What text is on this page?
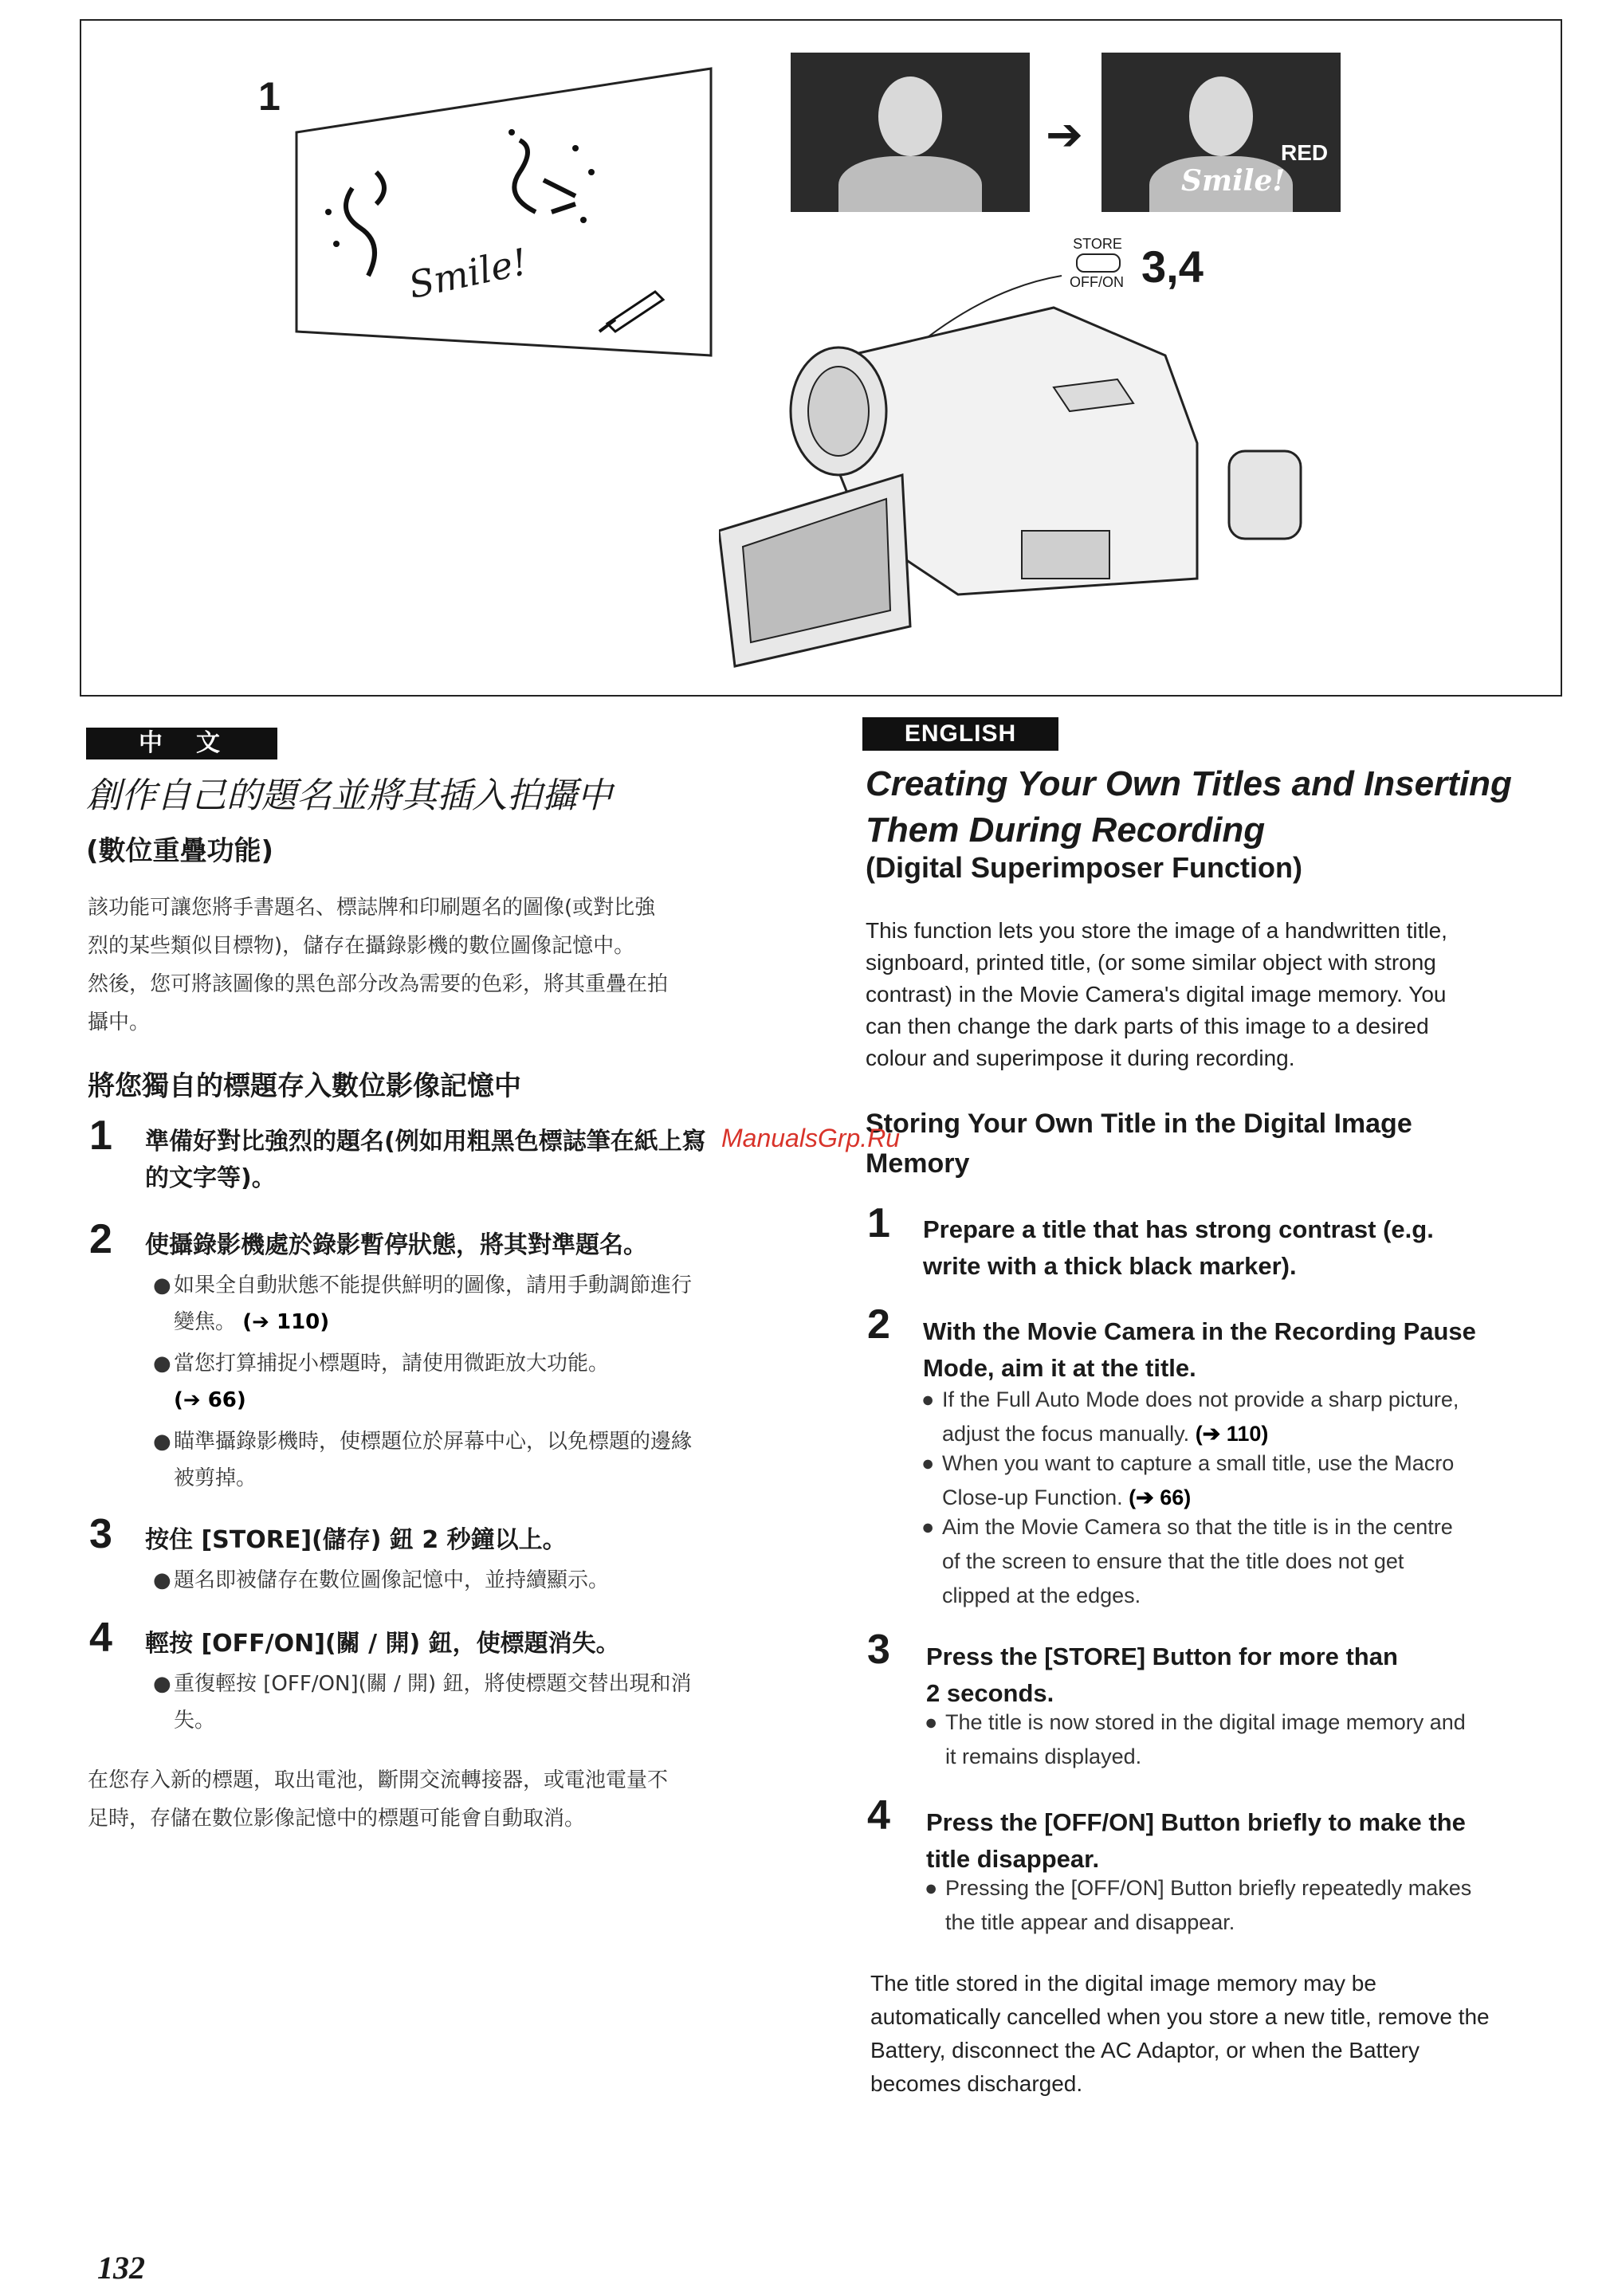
1
Smile!
➔
Smile!
RED
STORE
OFF/ON 3,4
中　文
創作自己的題名並將其插入拍攝中
(數位重疊功能)
該功能可讓您將手書題名、標誌牌和印刷題名的圖像(或對比強
烈的某些類似目標物)，儲存在攝錄影機的數位圖像記憶中。
然後，您可將該圖像的黑色部分改為需要的色彩，將其重疊在拍
攝中。
將您獨自的標題存入數位影像記憶中
1 準備好對比強烈的題名(例如用粗黑色標誌筆在紙上寫
的文字等)。
2 使攝錄影機處於錄影暫停狀態，將其對準題名。
● 如果全自動狀態不能提供鮮明的圖像，請用手動調節進行
變焦。 (➔ 110)
● 當您打算捕捉小標題時，請使用微距放大功能。
(➔ 66)
● 瞄準攝錄影機時，使標題位於屏幕中心，以免標題的邊緣
被剪掉。
3 按住 [STORE](儲存) 鈕 2 秒鐘以上。
● 題名即被儲存在數位圖像記憶中，並持續顯示。
4 輕按 [OFF/ON](關 / 開) 鈕，使標題消失。
● 重復輕按 [OFF/ON](關 / 開) 鈕，將使標題交替出現和消
失。
在您存入新的標題，取出電池，斷開交流轉接器，或電池電量不
足時，存儲在數位影像記憶中的標題可能會自動取消。
ENGLISH
Creating Your Own Titles and Inserting
Them During Recording
(Digital Superimposer Function)
This function lets you store the image of a handwritten title,
signboard, printed title, (or some similar object with strong
contrast) in the Movie Camera's digital image memory. You
can then change the dark parts of this image to a desired
colour and superimpose it during recording.
Storing Your Own Title in the Digital Image
Memory
ManualsGrp.Ru
1 Prepare a title that has strong contrast (e.g.
write with a thick black marker).
2 With the Movie Camera in the Recording Pause
Mode, aim it at the title.
● If the Full Auto Mode does not provide a sharp picture,
adjust the focus manually. (➔ 110)
● When you want to capture a small title, use the Macro
Close-up Function. (➔ 66)
● Aim the Movie Camera so that the title is in the centre
of the screen to ensure that the title does not get
clipped at the edges.
3 Press the [STORE] Button for more than
2 seconds.
● The title is now stored in the digital image memory and
it remains displayed.
4 Press the [OFF/ON] Button briefly to make the
title disappear.
● Pressing the [OFF/ON] Button briefly repeatedly makes
the title appear and disappear.
The title stored in the digital image memory may be
automatically cancelled when you store a new title, remove the
Battery, disconnect the AC Adaptor, or when the Battery
becomes discharged.
132
